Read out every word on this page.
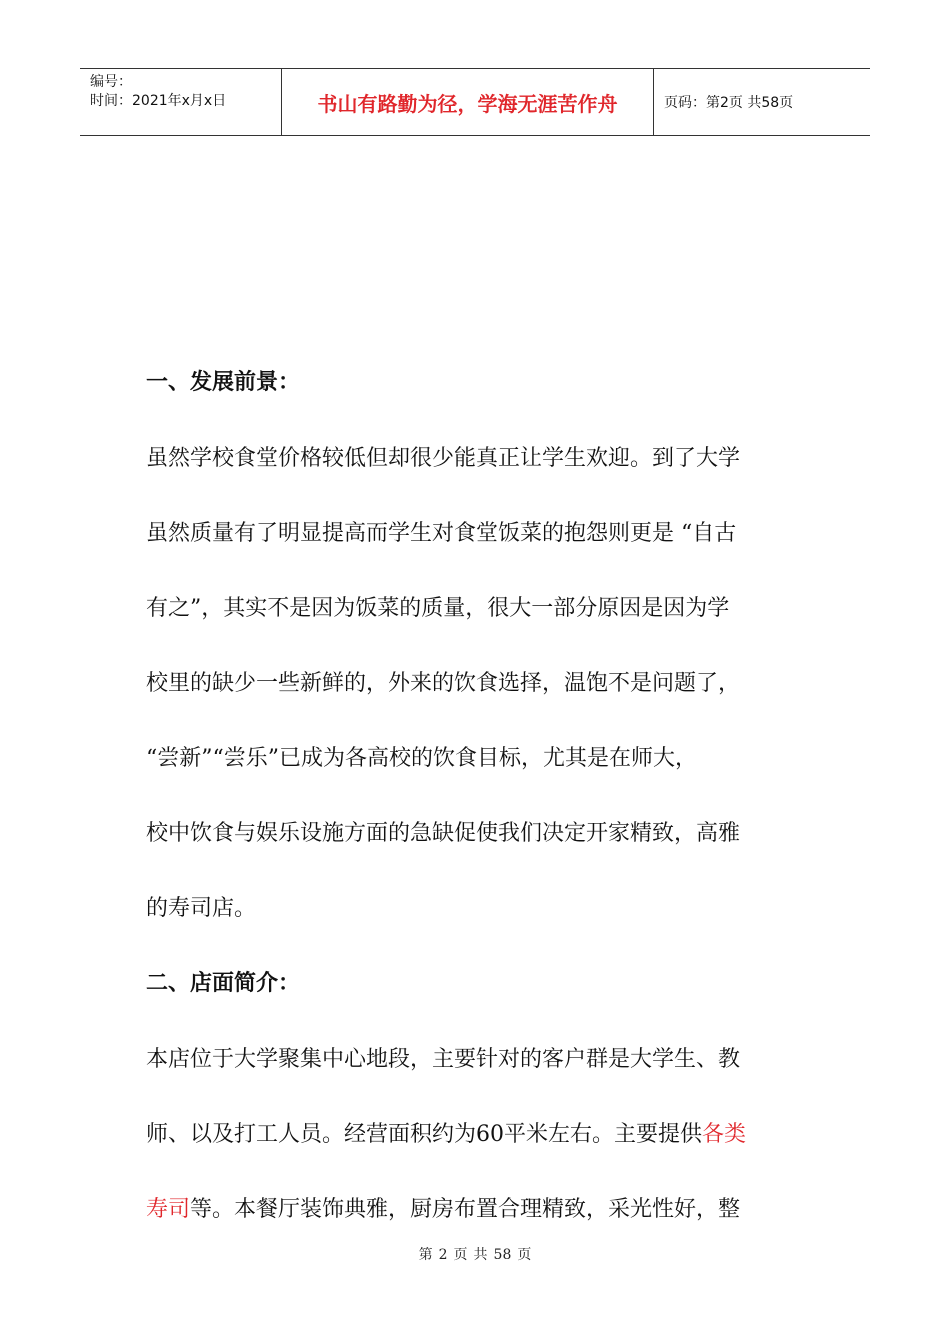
编号：
时间：2021年x月x日	书山有路勤为径，学海无涯苦作舟	页码：第2页 共58页
一、发展前景：

虽然学校食堂价格较低但却很少能真正让学生欢迎。到了大学

虽然质量有了明显提高而学生对食堂饭菜的抱怨则更是 “自古

有之”，其实不是因为饭菜的质量，很大一部分原因是因为学

校里的缺少一些新鲜的，外来的饮食选择，温饱不是问题了，

“尝新”“尝乐”已成为各高校的饮食目标，尤其是在师大，

校中饮食与娱乐设施方面的急缺促使我们决定开家精致，高雅

的寿司店。

二、店面简介：

本店位于大学聚集中心地段，主要针对的客户群是大学生、教

师、以及打工人员。经营面积约为60平米左右。主要提供各类

寿司等。本餐厅装饰典雅，厨房布置合理精致，采光性好，整

第 2 页 共 58 页
